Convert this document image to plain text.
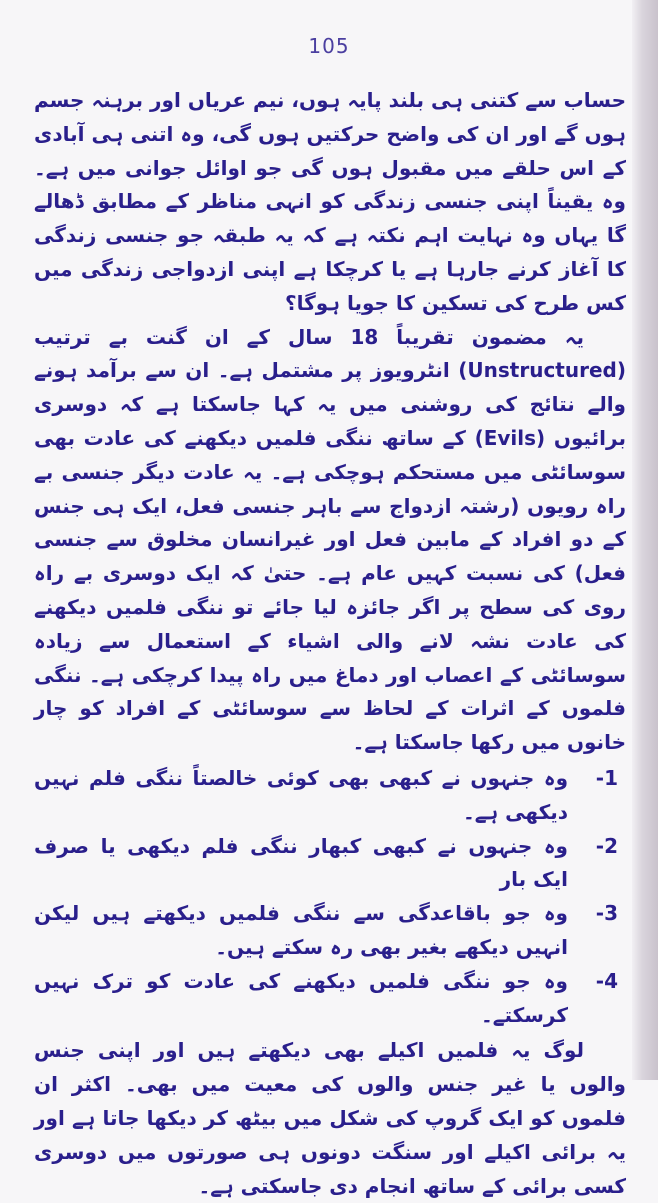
105

حساب سے کتنی ہی بلند پایہ ہوں، نیم عریاں اور برہنہ جسم ہوں گے اور ان کی واضح حرکتیں ہوں گی، وہ اتنی ہی آبادی کے اس حلقے میں مقبول ہوں گی جو اوائل جوانی میں ہے۔ وہ یقیناً اپنی جنسی زندگی کو انہی مناظر کے مطابق ڈھالے گا یہاں وہ نہایت اہم نکتہ ہے کہ یہ طبقہ جو جنسی زندگی کا آغاز کرنے جارہا ہے یا کرچکا ہے اپنی ازدواجی زندگی میں کس طرح کی تسکین کا جویا ہوگا؟

یہ مضمون تقریباً 18 سال کے ان گنت بے ترتیب (Unstructured) انٹرویوز پر مشتمل ہے۔ ان سے برآمد ہونے والے نتائج کی روشنی میں یہ کہا جاسکتا ہے کہ دوسری برائیوں (Evils) کے ساتھ ننگی فلمیں دیکھنے کی عادت بھی سوسائٹی میں مستحکم ہوچکی ہے۔ یہ عادت دیگر جنسی بے راہ رویوں (رشتہ ازدواج سے باہر جنسی فعل، ایک ہی جنس کے دو افراد کے مابین فعل اور غیرانسان مخلوق سے جنسی فعل) کی نسبت کہیں عام ہے۔ حتیٰ کہ ایک دوسری بے راہ روی کی سطح پر اگر جائزہ لیا جائے تو ننگی فلمیں دیکھنے کی عادت نشہ لانے والی اشیاء کے استعمال سے زیادہ سوسائٹی کے اعصاب اور دماغ میں راہ پیدا کرچکی ہے۔ ننگی فلموں کے اثرات کے لحاظ سے سوسائٹی کے افراد کو چار خانوں میں رکھا جاسکتا ہے۔

-1
وہ جنہوں نے کبھی بھی کوئی خالصتاً ننگی فلم نہیں دیکھی ہے۔
-2
وہ جنہوں نے کبھی کبھار ننگی فلم دیکھی یا صرف ایک بار
-3
وہ جو باقاعدگی سے ننگی فلمیں دیکھتے ہیں لیکن انہیں دیکھے بغیر بھی رہ سکتے ہیں۔
-4
وہ جو ننگی فلمیں دیکھنے کی عادت کو ترک نہیں کرسکتے۔

لوگ یہ فلمیں اکیلے بھی دیکھتے ہیں اور اپنی جنس والوں یا غیر جنس والوں کی معیت میں بھی۔ اکثر ان فلموں کو ایک گروپ کی شکل میں بیٹھ کر دیکھا جاتا ہے اور یہ برائی اکیلے اور سنگت دونوں ہی صورتوں میں دوسری کسی برائی کے ساتھ انجام دی جاسکتی ہے۔
